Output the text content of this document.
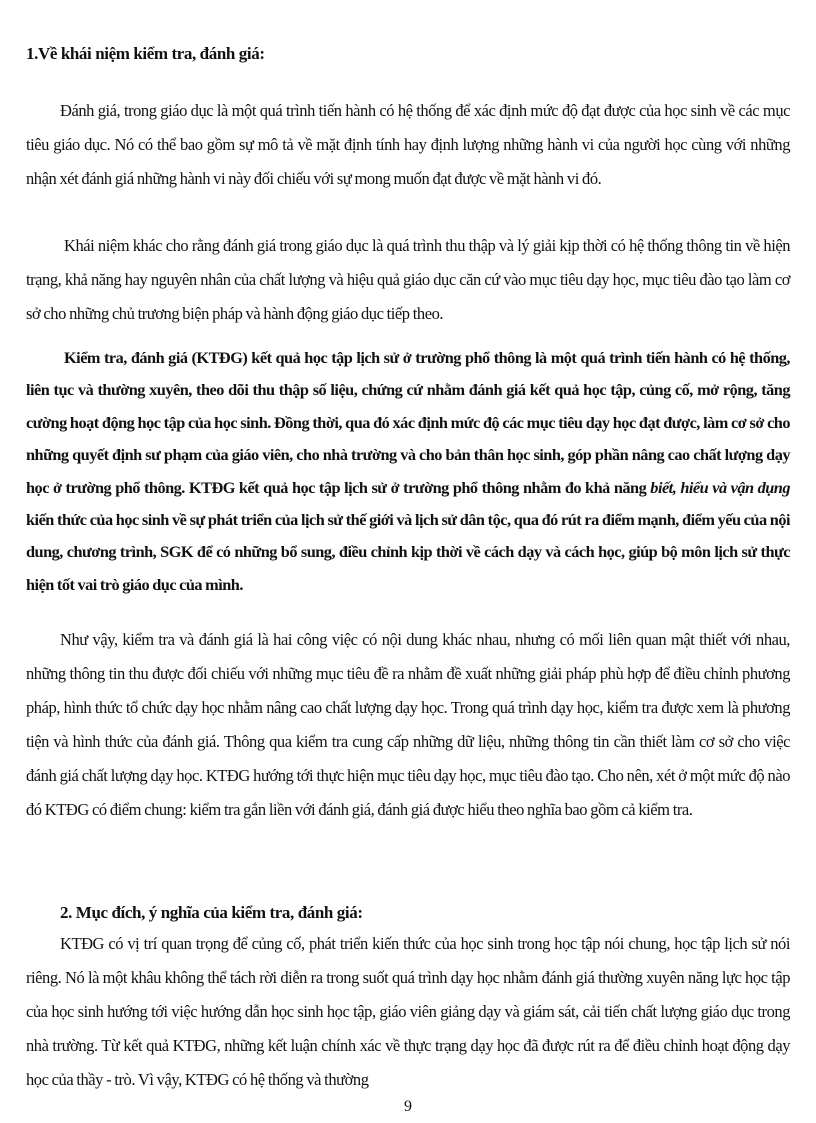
1.Về khái niệm kiểm tra, đánh giá:

Đánh giá, trong giáo dục là một quá trình tiến hành có hệ thống để xác định mức độ đạt được của học sinh về các mục tiêu giáo dục. Nó có thể bao gồm sự mô tả về mặt định tính hay định lượng những hành vi của người học cùng với những nhận xét đánh giá những hành vi này đối chiếu với sự mong muốn đạt được về mặt hành vi đó.

Khái niệm khác cho rằng đánh giá trong giáo dục là quá trình thu thập và lý giải kịp thời có hệ thống thông tin về hiện trạng, khả năng hay nguyên nhân của chất lượng và hiệu quả giáo dục căn cứ vào mục tiêu dạy học, mục tiêu đào tạo làm cơ sở cho những chủ trương biện pháp và hành động giáo dục tiếp theo.

Kiểm tra, đánh giá (KTĐG) kết quả học tập lịch sử ở trường phổ thông là một quá trình tiến hành có hệ thống, liên tục và thường xuyên, theo dõi thu thập số liệu, chứng cứ nhằm đánh giá kết quả học tập, củng cố, mở rộng, tăng cường hoạt động học tập của học sinh. Đồng thời, qua đó xác định mức độ các mục tiêu dạy học đạt được, làm cơ sở cho những quyết định sư phạm của giáo viên, cho nhà trường và cho bản thân học sinh, góp phần nâng cao chất lượng dạy học ở trường phổ thông. KTĐG kết quả học tập lịch sử ở trường phổ thông nhằm đo khả năng biết, hiểu và vận dụng kiến thức của học sinh về sự phát triển của lịch sử thế giới và lịch sử dân tộc, qua đó rút ra điểm mạnh, điểm yếu của nội dung, chương trình, SGK để có những bổ sung, điều chỉnh kịp thời về cách dạy và cách học, giúp bộ môn lịch sử thực hiện tốt vai trò giáo dục của mình.

Như vậy, kiểm tra và đánh giá là hai công việc có nội dung khác nhau, nhưng có mối liên quan mật thiết với nhau, những thông tin thu được đối chiếu với những mục tiêu đề ra nhằm đề xuất những giải pháp phù hợp để điều chỉnh phương pháp, hình thức tổ chức dạy học nhằm nâng cao chất lượng dạy học. Trong quá trình dạy học, kiểm tra được xem là phương tiện và hình thức của đánh giá. Thông qua kiểm tra cung cấp những dữ liệu, những thông tin cần thiết làm cơ sở cho việc đánh giá chất lượng dạy học. KTĐG hướng tới thực hiện mục tiêu dạy học, mục tiêu đào tạo. Cho nên, xét ở một mức độ nào đó KTĐG có điểm chung: kiểm tra gắn liền với đánh giá, đánh giá được hiểu theo nghĩa bao gồm cả kiểm tra.

2. Mục đích, ý nghĩa của kiểm tra, đánh giá:

KTĐG có vị trí quan trọng để củng cố, phát triển kiến thức của học sinh trong học tập nói chung, học tập lịch sử nói riêng. Nó là một khâu không thể tách rời diễn ra trong suốt quá trình dạy học nhằm đánh giá thường xuyên năng lực học tập của học sinh hướng tới việc hướng dẫn học sinh học tập, giáo viên giảng dạy và giám sát, cải tiến chất lượng giáo dục trong nhà trường. Từ kết quả KTĐG, những kết luận chính xác về thực trạng dạy học đã được rút ra để điều chỉnh hoạt động dạy học của thầy - trò. Vì vậy, KTĐG có hệ thống và thường

9
